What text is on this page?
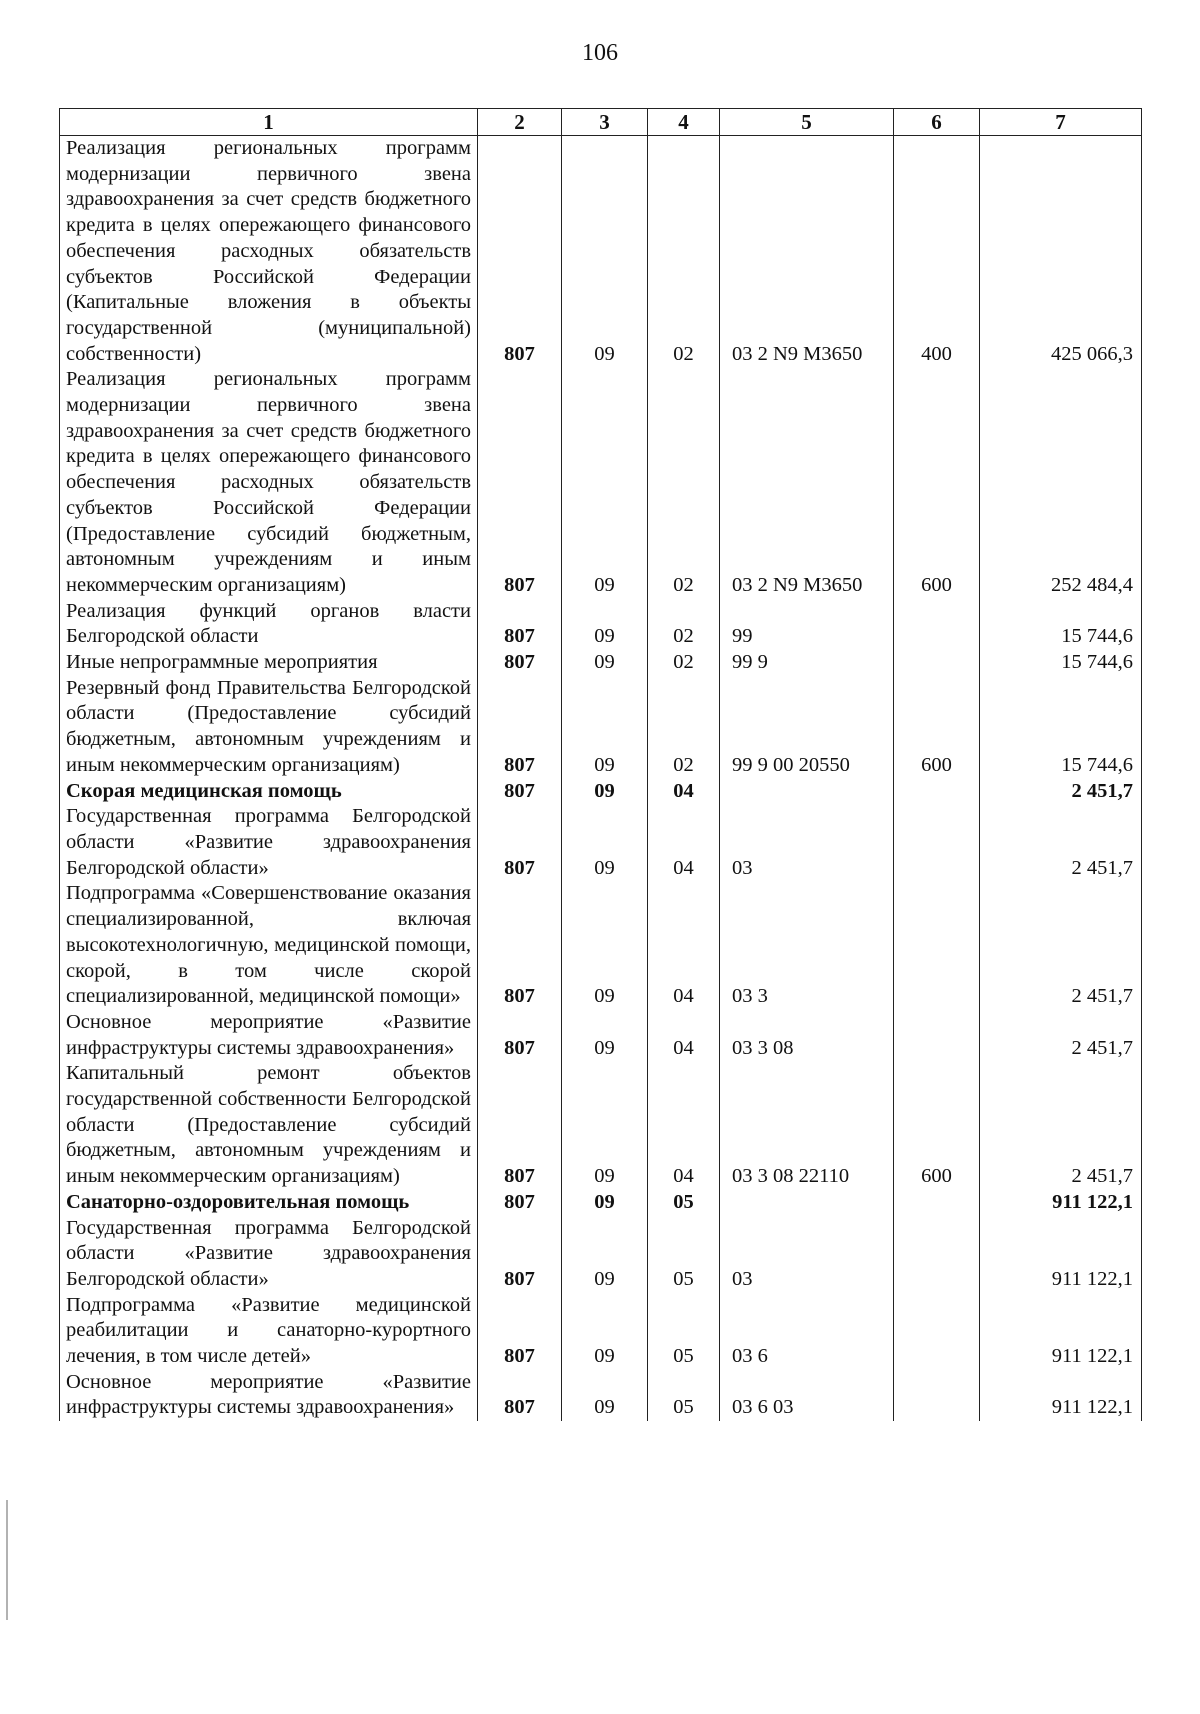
106
1	2	3	4	5	6	7
Реализация региональных программ модернизации первичного звена здравоохранения за счет средств бюджетного кредита в целях опережающего финансового обеспечения расходных обязательств субъектов Российской Федерации (Капитальные вложения в объекты государственной (муниципальной) собственности)	807	09	02	03 2 N9 M3650	400	425 066,3
Реализация региональных программ модернизации первичного звена здравоохранения за счет средств бюджетного кредита в целях опережающего финансового обеспечения расходных обязательств субъектов Российской Федерации (Предоставление субсидий бюджетным, автономным учреждениям и иным некоммерческим организациям)	807	09	02	03 2 N9 M3650	600	252 484,4
Реализация функций органов власти Белгородской области	807	09	02	99		15 744,6
Иные непрограммные мероприятия	807	09	02	99 9		15 744,6
Резервный фонд Правительства Белгородской области (Предоставление субсидий бюджетным, автономным учреждениям и иным некоммерческим организациям)	807	09	02	99 9 00 20550	600	15 744,6
Скорая медицинская помощь	807	09	04			2 451,7
Государственная программа Белгородской области «Развитие здравоохранения Белгородской области»	807	09	04	03		2 451,7
Подпрограмма «Совершенствование оказания специализированной, включая высокотехнологичную, медицинской помощи, скорой, в том числе скорой специализированной, медицинской помощи»	807	09	04	03 3		2 451,7
Основное мероприятие «Развитие инфраструктуры системы здравоохранения»	807	09	04	03 3 08		2 451,7
Капитальный ремонт объектов государственной собственности Белгородской области (Предоставление субсидий бюджетным, автономным учреждениям и иным некоммерческим организациям)	807	09	04	03 3 08 22110	600	2 451,7
Санаторно-оздоровительная помощь	807	09	05			911 122,1
Государственная программа Белгородской области «Развитие здравоохранения Белгородской области»	807	09	05	03		911 122,1
Подпрограмма «Развитие медицинской реабилитации и санаторно-курортного лечения, в том числе детей»	807	09	05	03 6		911 122,1
Основное мероприятие «Развитие инфраструктуры системы здравоохранения»	807	09	05	03 6 03		911 122,1
